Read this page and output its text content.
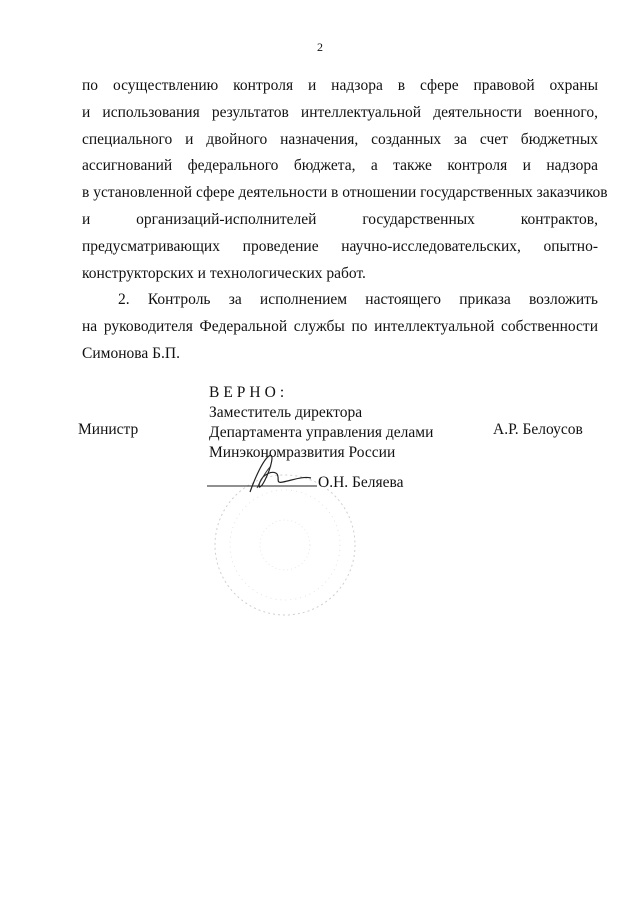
2
по осуществлению контроля и надзора в сфере правовой охраны
и использования результатов интеллектуальной деятельности военного,
специального и двойного назначения, созданных за счет бюджетных
ассигнований федерального бюджета, а также контроля и надзора
в установленной сфере деятельности в отношении государственных заказчиков
и организаций-исполнителей государственных контрактов,
предусматривающих проведение научно-исследовательских, опытно-
конструкторских и технологических работ.
2. Контроль за исполнением настоящего приказа возложить
на руководителя Федеральной службы по интеллектуальной собственности
Симонова Б.П.
Министр	А.Р. Белоусов
ВЕРНО:
Заместитель директора
Департамента управления делами
Минэкономразвития России
О.Н. Беляева
